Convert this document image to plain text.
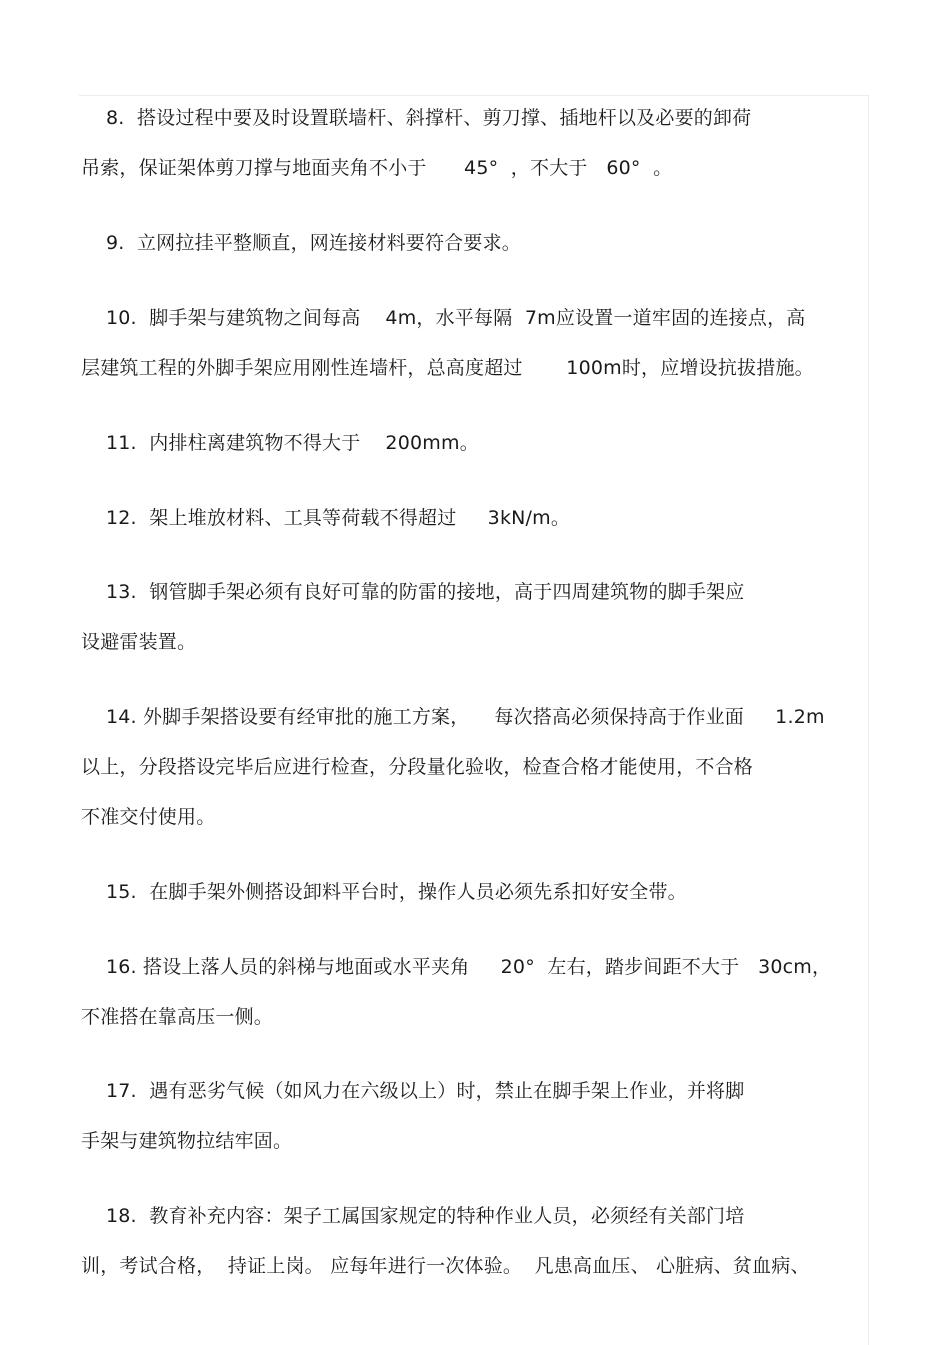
8.  搭设过程中要及时设置联墙杆、斜撑杆、剪刀撑、插地杆以及必要的卸荷
吊索，保证架体剪刀撑与地面夹角不小于      45°  ，不大于   60°  。
9.  立网拉挂平整顺直，网连接材料要符合要求。
10.  脚手架与建筑物之间每高    4m，水平每隔  7m应设置一道牢固的连接点，高
层建筑工程的外脚手架应用刚性连墙杆，总高度超过       100m时，应增设抗拔措施。
11.  内排柱离建筑物不得大于    200mm。
12.  架上堆放材料、工具等荷载不得超过     3kN/m。
13.  钢管脚手架必须有良好可靠的防雷的接地，高于四周建筑物的脚手架应
设避雷装置。
14. 外脚手架搭设要有经审批的施工方案，    每次搭高必须保持高于作业面     1.2m
以上，分段搭设完毕后应进行检查，分段量化验收，检查合格才能使用，不合格
不准交付使用。
15.  在脚手架外侧搭设卸料平台时，操作人员必须先系扣好安全带。
16. 搭设上落人员的斜梯与地面或水平夹角     20°  左右，踏步间距不大于   30cm，
不准搭在靠高压一侧。
17.  遇有恶劣气候（如风力在六级以上）时，禁止在脚手架上作业，并将脚
手架与建筑物拉结牢固。
18.  教育补充内容：架子工属国家规定的特种作业人员，必须经有关部门培
训，考试合格，  持证上岗。 应每年进行一次体验。  凡患高血压、 心脏病、贫血病、
